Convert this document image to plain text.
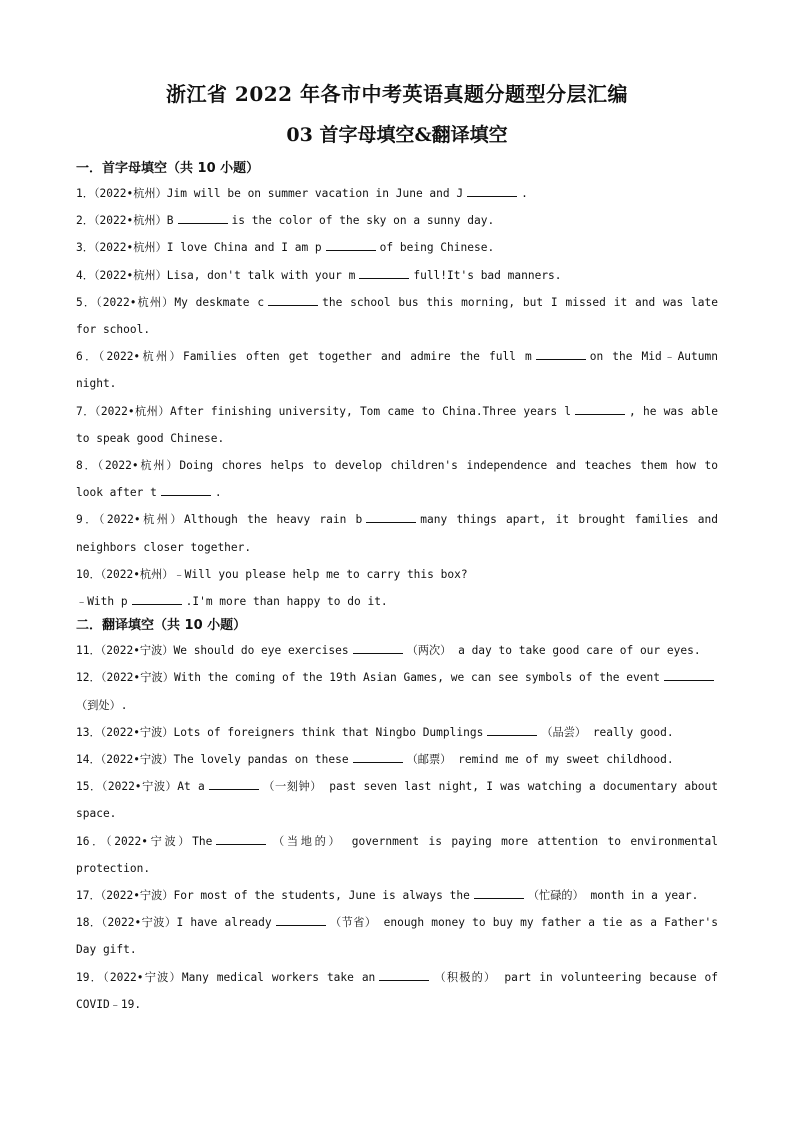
浙江省 2022 年各市中考英语真题分题型分层汇编
03 首字母填空&翻译填空
一．首字母填空（共 10 小题）
1．（2022•杭州）Jim will be on summer vacation in June and J	.
2．（2022•杭州）B	is the color of the sky on a sunny day.
3．（2022•杭州）I love China and I am p	of being Chinese.
4．（2022•杭州）Lisa, don't talk with your m	full!It's bad manners.
5．（2022•杭州）My deskmate c	the school bus this morning, but I missed it and was late for school.
6．（2022•杭州）Families often get together and admire the full m	on the Mid﹣Autumn night.
7．（2022•杭州）After finishing university, Tom came to China.Three years l	, he was able to speak good Chinese.
8．（2022•杭州）Doing chores helps to develop children's independence and teaches them how to look after t	.
9．（2022•杭州）Although the heavy rain b	many things apart, it brought families and neighbors closer together.
10．（2022•杭州）﹣Will you please help me to carry this box?
﹣With p	.I'm more than happy to do it.
二．翻译填空（共 10 小题）
11．（2022•宁波）We should do eye exercises	（两次） a day to take good care of our eyes.
12．（2022•宁波）With the coming of the 19th Asian Games, we can see symbols of the event（到处）.
13．（2022•宁波）Lots of foreigners think that Ningbo Dumplings	（品尝） really good.
14．（2022•宁波）The lovely pandas on these	（邮票） remind me of my sweet childhood.
15．（2022•宁波）At a	（一刻钟） past seven last night, I was watching a documentary about space.
16．（2022•宁波）The	（当地的） government is paying more attention to environmental protection.
17．（2022•宁波）For most of the students, June is always the	（忙碌的） month in a year.
18．（2022•宁波）I have already	（节省） enough money to buy my father a tie as a Father's Day gift.
19．（2022•宁波）Many medical workers take an	（积极的） part in volunteering because of COVID﹣19.
